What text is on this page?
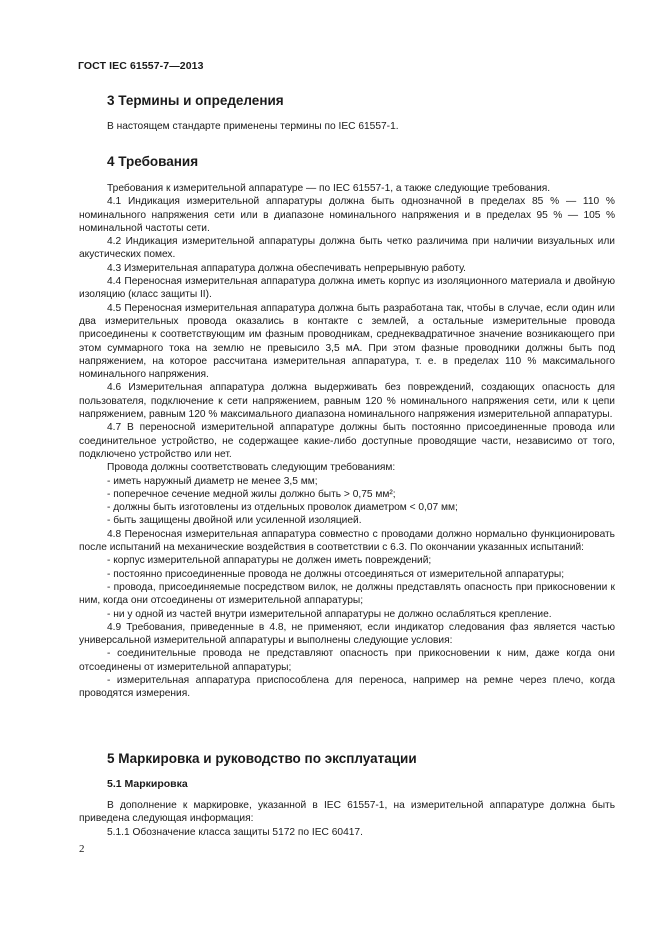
ГОСТ IEC 61557-7—2013
3 Термины и определения

В настоящем стандарте применены термины по IEC 61557-1.

4 Требования

Требования к измерительной аппаратуре — по IEC 61557-1, а также следующие требования.

4.1 Индикация измерительной аппаратуры должна быть однозначной в пределах 85 % — 110 % номинального напряжения сети или в диапазоне номинального напряжения и в пределах 95 % — 105 % номинальной частоты сети.

4.2 Индикация измерительной аппаратуры должна быть четко различима при наличии визуальных или акустических помех.

4.3 Измерительная аппаратура должна обеспечивать непрерывную работу.

4.4 Переносная измерительная аппаратура должна иметь корпус из изоляционного материала и двойную изоляцию (класс защиты II).

4.5 Переносная измерительная аппаратура должна быть разработана так, чтобы в случае, если один или два измерительных провода оказались в контакте с землей, а остальные измерительные провода присоединены к соответствующим им фазным проводникам, среднеквадратичное значение возникающего при этом суммарного тока на землю не превысило 3,5 мА. При этом фазные проводники должны быть под напряжением, на которое рассчитана измерительная аппаратура, т. е. в пределах 110 % максимального номинального напряжения.

4.6 Измерительная аппаратура должна выдерживать без повреждений, создающих опасность для пользователя, подключение к сети напряжением, равным 120 % номинального напряжения сети, или к цепи напряжением, равным 120 % максимального диапазона номинального напряжения измерительной аппаратуры.

4.7 В переносной измерительной аппаратуре должны быть постоянно присоединенные провода или соединительное устройство, не содержащее какие-либо доступные проводящие части, независимо от того, подключено устройство или нет.

Провода должны соответствовать следующим требованиям:

- иметь наружный диаметр не менее 3,5 мм;

- поперечное сечение медной жилы должно быть > 0,75 мм²;

- должны быть изготовлены из отдельных проволок диаметром < 0,07 мм;

- быть защищены двойной или усиленной изоляцией.

4.8 Переносная измерительная аппаратура совместно с проводами должно нормально функционировать после испытаний на механические воздействия в соответствии с 6.3. По окончании указанных испытаний:

- корпус измерительной аппаратуры не должен иметь повреждений;

- постоянно присоединенные провода не должны отсоединяться от измерительной аппаратуры;

- провода, присоединяемые посредством вилок, не должны представлять опасность при прикосновении к ним, когда они отсоединены от измерительной аппаратуры;

- ни у одной из частей внутри измерительной аппаратуры не должно ослабляться крепление.

4.9 Требования, приведенные в 4.8, не применяют, если индикатор следования фаз является частью универсальной измерительной аппаратуры и выполнены следующие условия:

- соединительные провода не представляют опасность при прикосновении к ним, даже когда они отсоединены от измерительной аппаратуры;

- измерительная аппаратура приспособлена для переноса, например на ремне через плечо, когда проводятся измерения.

5 Маркировка и руководство по эксплуатации
5.1 Маркировка

В дополнение к маркировке, указанной в IEC 61557-1, на измерительной аппаратуре должна быть приведена следующая информация:

5.1.1 Обозначение класса защиты 5172 по IEC 60417.

2
